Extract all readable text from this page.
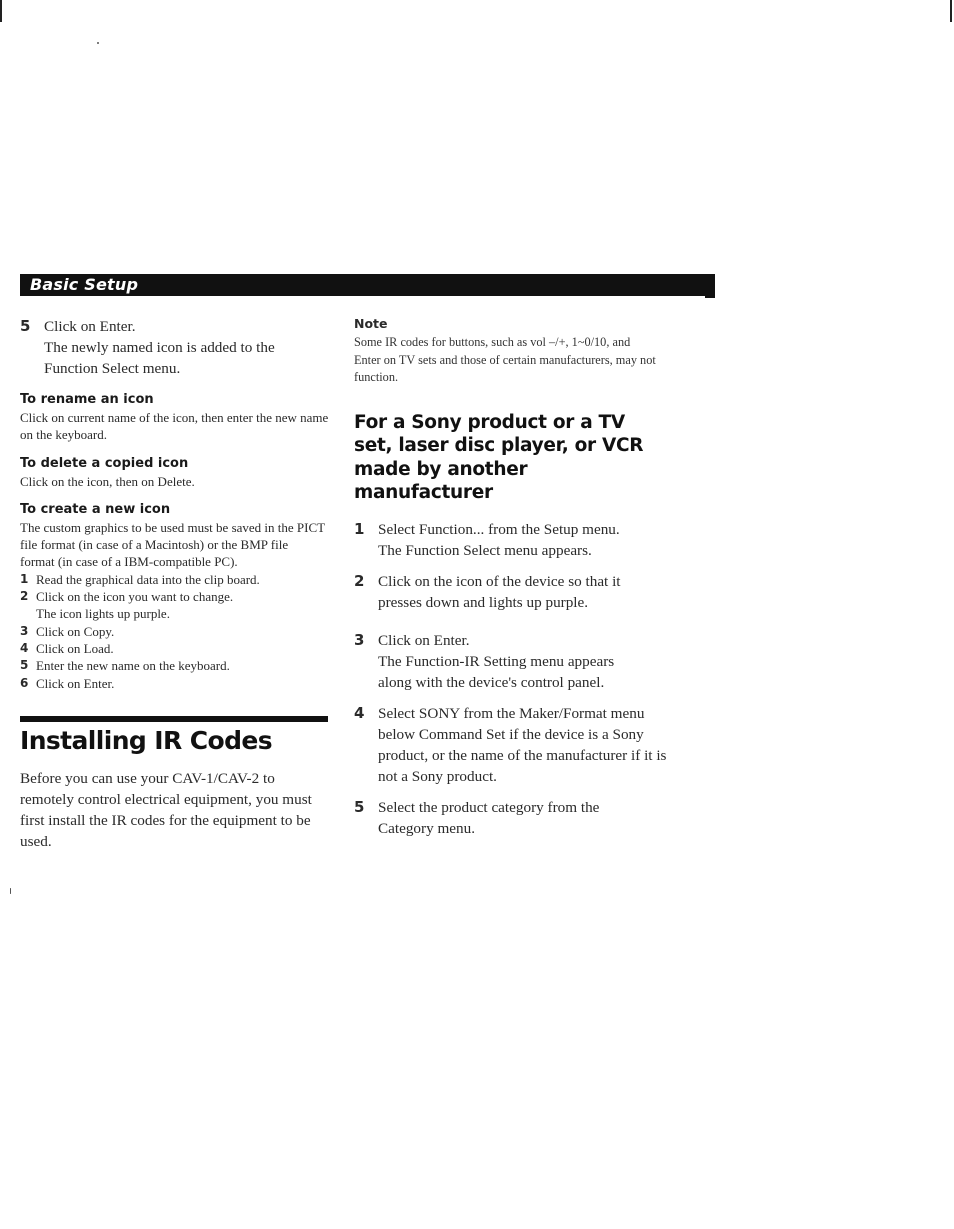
Basic Setup
5 Click on Enter.

The newly named icon is added to the Function Select menu.

To rename an icon

Click on current name of the icon, then enter the new name on the keyboard.

To delete a copied icon

Click on the icon, then on Delete.

To create a new icon

The custom graphics to be used must be saved in the PICT file format (in case of a Macintosh) or the BMP file format (in case of a IBM-compatible PC).

1 Read the graphical data into the clip board.
2 Click on the icon you want to change.
The icon lights up purple.
3 Click on Copy.
4 Click on Load.
5 Enter the new name on the keyboard.
6 Click on Enter.
Installing IR Codes

Before you can use your CAV-1/CAV-2 to remotely control electrical equipment, you must first install the IR codes for the equipment to be used.

Note

Some IR codes for buttons, such as vol –/+, 1~0/10, and Enter on TV sets and those of certain manufacturers, may not function.

For a Sony product or a TV set, laser disc player, or VCR made by another manufacturer
1 Select Function... from the Setup menu.

The Function Select menu appears.

2 Click on the icon of the device so that it presses down and lights up purple.

3 Click on Enter.

The Function-IR Setting menu appears along with the device's control panel.

4 Select SONY from the Maker/Format menu below Command Set if the device is a Sony product, or the name of the manufacturer if it is not a Sony product.

5 Select the product category from the Category menu.
